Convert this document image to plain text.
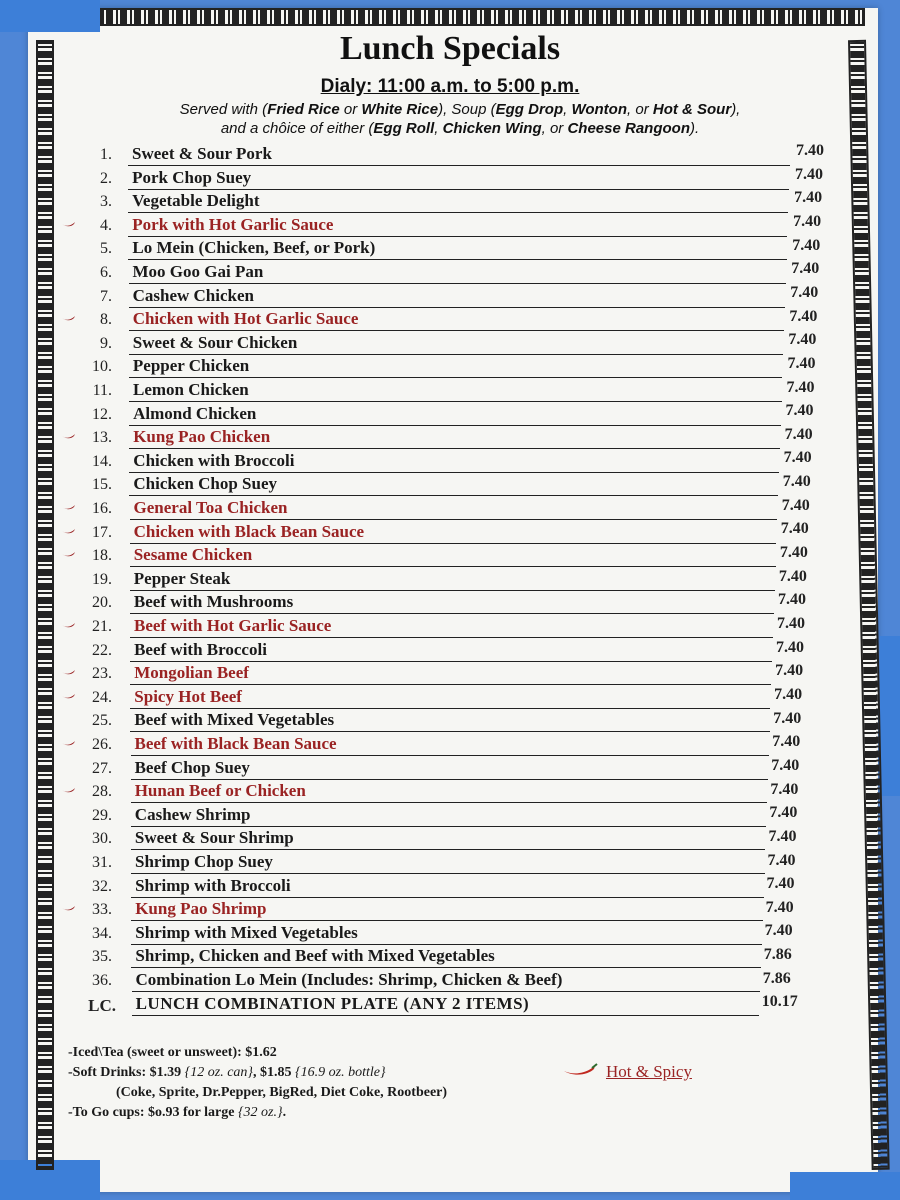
Lunch Specials
Dialy: 11:00 a.m. to 5:00 p.m.
Served with (Fried Rice or White Rice), Soup (Egg Drop, Wonton, or Hot & Sour),
and a chôice of either (Egg Roll, Chicken Wing, or Cheese Rangoon).
1. Sweet & Sour Pork	7.40
2. Pork Chop Suey	7.40
3. Vegetable Delight	7.40
4. Pork with Hot Garlic Sauce	7.40
5. Lo Mein (Chicken, Beef, or Pork)	7.40
6. Moo Goo Gai Pan	7.40
7. Cashew Chicken	7.40
8. Chicken with Hot Garlic Sauce	7.40
9. Sweet & Sour Chicken	7.40
10. Pepper Chicken	7.40
11. Lemon Chicken	7.40
12. Almond Chicken	7.40
13. Kung Pao Chicken	7.40
14. Chicken with Broccoli	7.40
15. Chicken Chop Suey	7.40
16. General Toa Chicken	7.40
17. Chicken with Black Bean Sauce	7.40
18. Sesame Chicken	7.40
19. Pepper Steak	7.40
20. Beef with Mushrooms	7.40
21. Beef with Hot Garlic Sauce	7.40
22. Beef with Broccoli	7.40
23. Mongolian Beef	7.40
24. Spicy Hot Beef	7.40
25. Beef with Mixed Vegetables	7.40
26. Beef with Black Bean Sauce	7.40
27. Beef Chop Suey	7.40
28. Hunan Beef or Chicken	7.40
29. Cashew Shrimp	7.40
30. Sweet & Sour Shrimp	7.40
31. Shrimp Chop Suey	7.40
32. Shrimp with Broccoli	7.40
33. Kung Pao Shrimp	7.40
34. Shrimp with Mixed Vegetables	7.40
35. Shrimp, Chicken and Beef with Mixed Vegetables	7.86
36. Combination Lo Mein (Includes: Shrimp, Chicken & Beef)	7.86
LC. LUNCH COMBINATION PLATE (ANY 2 ITEMS)	10.17
-Iced\Tea (sweet or unsweet): $1.62
-Soft Drinks: $1.39 {12 oz. can}, $1.85 {16.9 oz. bottle}
(Coke, Sprite, Dr.Pepper, BigRed, Diet Coke, Rootbeer)
-To Go cups: $o.93 for large {32 oz.}.
Hot & Spicy
